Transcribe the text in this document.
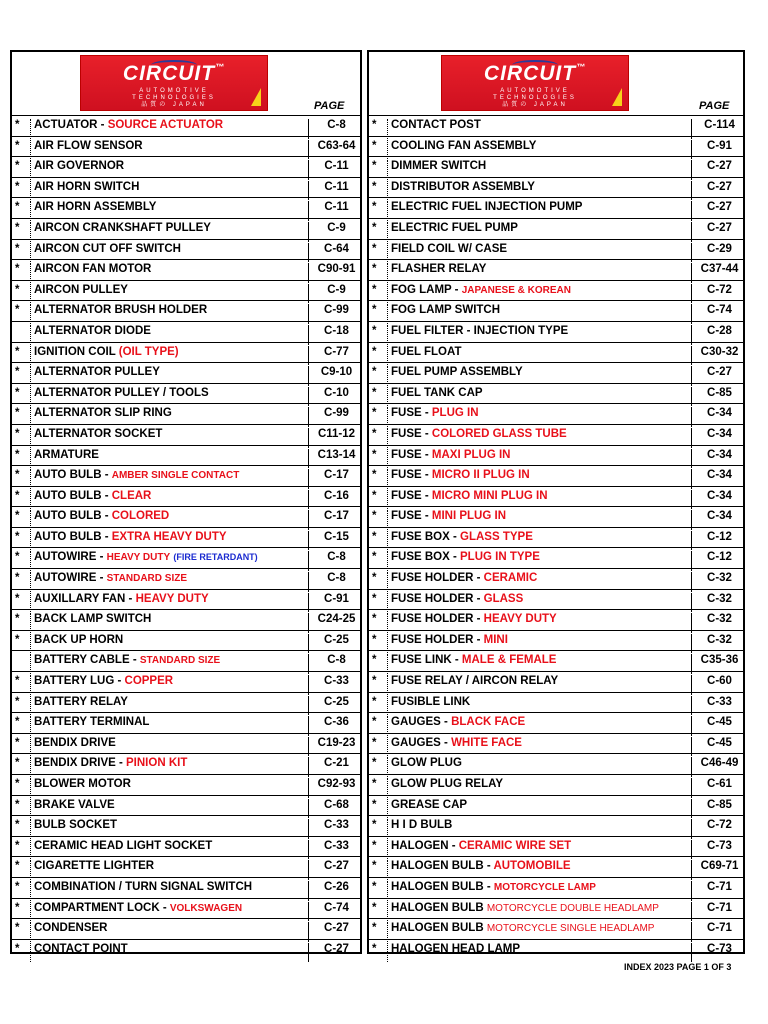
CIRCUIT™
AUTOMOTIVE
TECHNOLOGIES
品質の JAPAN	PAGE
*	ACTUATOR - SOURCE ACTUATOR	C-8
*	AIR FLOW SENSOR	C63-64
*	AIR GOVERNOR	C-11
*	AIR HORN SWITCH	C-11
*	AIR HORN ASSEMBLY	C-11
*	AIRCON CRANKSHAFT PULLEY	C-9
*	AIRCON CUT OFF SWITCH	C-64
*	AIRCON FAN MOTOR	C90-91
*	AIRCON PULLEY	C-9
*	ALTERNATOR BRUSH HOLDER	C-99
ALTERNATOR DIODE	C-18
*	IGNITION COIL (OIL TYPE)	C-77
*	ALTERNATOR PULLEY	C9-10
*	ALTERNATOR PULLEY / TOOLS	C-10
*	ALTERNATOR SLIP RING	C-99
*	ALTERNATOR SOCKET	C11-12
*	ARMATURE	C13-14
*	AUTO BULB - AMBER SINGLE CONTACT	C-17
*	AUTO BULB - CLEAR	C-16
*	AUTO BULB - COLORED	C-17
*	AUTO BULB - EXTRA HEAVY DUTY	C-15
*	AUTOWIRE - HEAVY DUTY (FIRE RETARDANT)	C-8
*	AUTOWIRE - STANDARD SIZE	C-8
*	AUXILLARY FAN - HEAVY DUTY	C-91
*	BACK LAMP SWITCH	C24-25
*	BACK UP HORN	C-25
BATTERY CABLE - STANDARD SIZE	C-8
*	BATTERY LUG - COPPER	C-33
*	BATTERY RELAY	C-25
*	BATTERY TERMINAL	C-36
*	BENDIX DRIVE	C19-23
*	BENDIX DRIVE - PINION KIT	C-21
*	BLOWER MOTOR	C92-93
*	BRAKE VALVE	C-68
*	BULB SOCKET	C-33
*	CERAMIC HEAD LIGHT SOCKET	C-33
*	CIGARETTE LIGHTER	C-27
*	COMBINATION / TURN SIGNAL SWITCH	C-26
*	COMPARTMENT LOCK - VOLKSWAGEN	C-74
*	CONDENSER	C-27
*	CONTACT POINT	C-27
CIRCUIT™
AUTOMOTIVE
TECHNOLOGIES
品質の JAPAN	PAGE
*	CONTACT POST	C-114
*	COOLING FAN ASSEMBLY	C-91
*	DIMMER SWITCH	C-27
*	DISTRIBUTOR ASSEMBLY	C-27
*	ELECTRIC FUEL INJECTION PUMP	C-27
*	ELECTRIC FUEL PUMP	C-27
*	FIELD COIL W/ CASE	C-29
*	FLASHER RELAY	C37-44
*	FOG LAMP - JAPANESE & KOREAN	C-72
*	FOG LAMP SWITCH	C-74
*	FUEL FILTER - INJECTION TYPE	C-28
*	FUEL FLOAT	C30-32
*	FUEL PUMP ASSEMBLY	C-27
*	FUEL TANK CAP	C-85
*	FUSE - PLUG IN	C-34
*	FUSE - COLORED GLASS TUBE	C-34
*	FUSE - MAXI PLUG IN	C-34
*	FUSE - MICRO II PLUG IN	C-34
*	FUSE - MICRO MINI PLUG IN	C-34
*	FUSE - MINI PLUG IN	C-34
*	FUSE BOX - GLASS TYPE	C-12
*	FUSE BOX - PLUG IN TYPE	C-12
*	FUSE HOLDER - CERAMIC	C-32
*	FUSE HOLDER - GLASS	C-32
*	FUSE HOLDER - HEAVY DUTY	C-32
*	FUSE HOLDER - MINI	C-32
*	FUSE LINK - MALE & FEMALE	C35-36
*	FUSE RELAY / AIRCON RELAY	C-60
*	FUSIBLE LINK	C-33
*	GAUGES - BLACK FACE	C-45
*	GAUGES - WHITE FACE	C-45
*	GLOW PLUG	C46-49
*	GLOW PLUG RELAY	C-61
*	GREASE CAP	C-85
*	H I D BULB	C-72
*	HALOGEN - CERAMIC WIRE SET	C-73
*	HALOGEN BULB - AUTOMOBILE	C69-71
*	HALOGEN BULB - MOTORCYCLE LAMP	C-71
*	HALOGEN BULB MOTORCYCLE DOUBLE HEADLAMP	C-71
*	HALOGEN BULB MOTORCYCLE SINGLE HEADLAMP	C-71
*	HALOGEN HEAD LAMP	C-73
INDEX 2023 PAGE 1 OF 3
